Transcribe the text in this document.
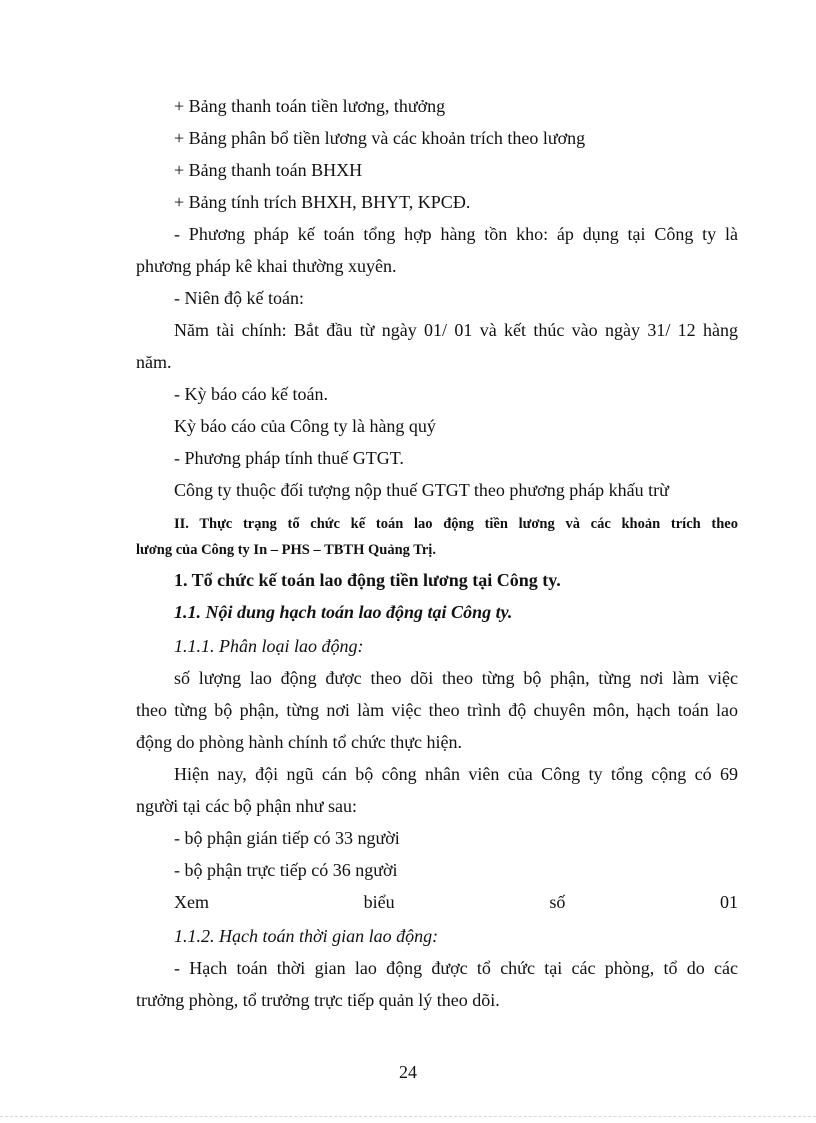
+ Bảng thanh toán tiền lương, thưởng
+ Bảng phân bổ tiền lương và các khoản trích theo lương
+ Bảng thanh toán BHXH
+ Bảng tính trích BHXH, BHYT, KPCĐ.
- Phương pháp kế toán tổng hợp hàng tồn kho: áp dụng tại Công ty là
phương pháp kê khai thường xuyên.
- Niên độ kế toán:
Năm tài chính: Bắt đầu từ ngày 01/ 01 và kết thúc vào ngày 31/ 12 hàng
năm.
- Kỳ báo cáo kế toán.
Kỳ báo cáo của Công ty là hàng quý
- Phương pháp tính thuế GTGT.
Công ty thuộc đối tượng nộp thuế GTGT theo phương pháp khấu trừ
II. Thực trạng tổ chức kế toán lao động tiền lương và các khoản trích theo
lương của Công ty In – PHS – TBTH Quảng Trị.
1. Tổ chức kế toán lao động tiền lương tại Công ty.
1.1. Nội dung hạch toán lao động tại Công ty.
1.1.1. Phân loại lao động:
số lượng lao động được theo dõi theo từng bộ phận, từng nơi làm việc
theo từng bộ phận, từng nơi làm việc theo trình độ chuyên môn, hạch toán lao
động do phòng hành chính tổ chức thực hiện.
Hiện nay, đội ngũ cán bộ công nhân viên của Công ty tổng cộng có 69
người tại các bộ phận như sau:
- bộ phận gián tiếp có 33 người
- bộ phận trực tiếp có 36 người
Xem biểu số 01
1.1.2. Hạch toán thời gian lao động:
- Hạch toán thời gian lao động được tổ chức tại các phòng, tổ do các
trưởng phòng, tổ trưởng trực tiếp quản lý theo dõi.
24
